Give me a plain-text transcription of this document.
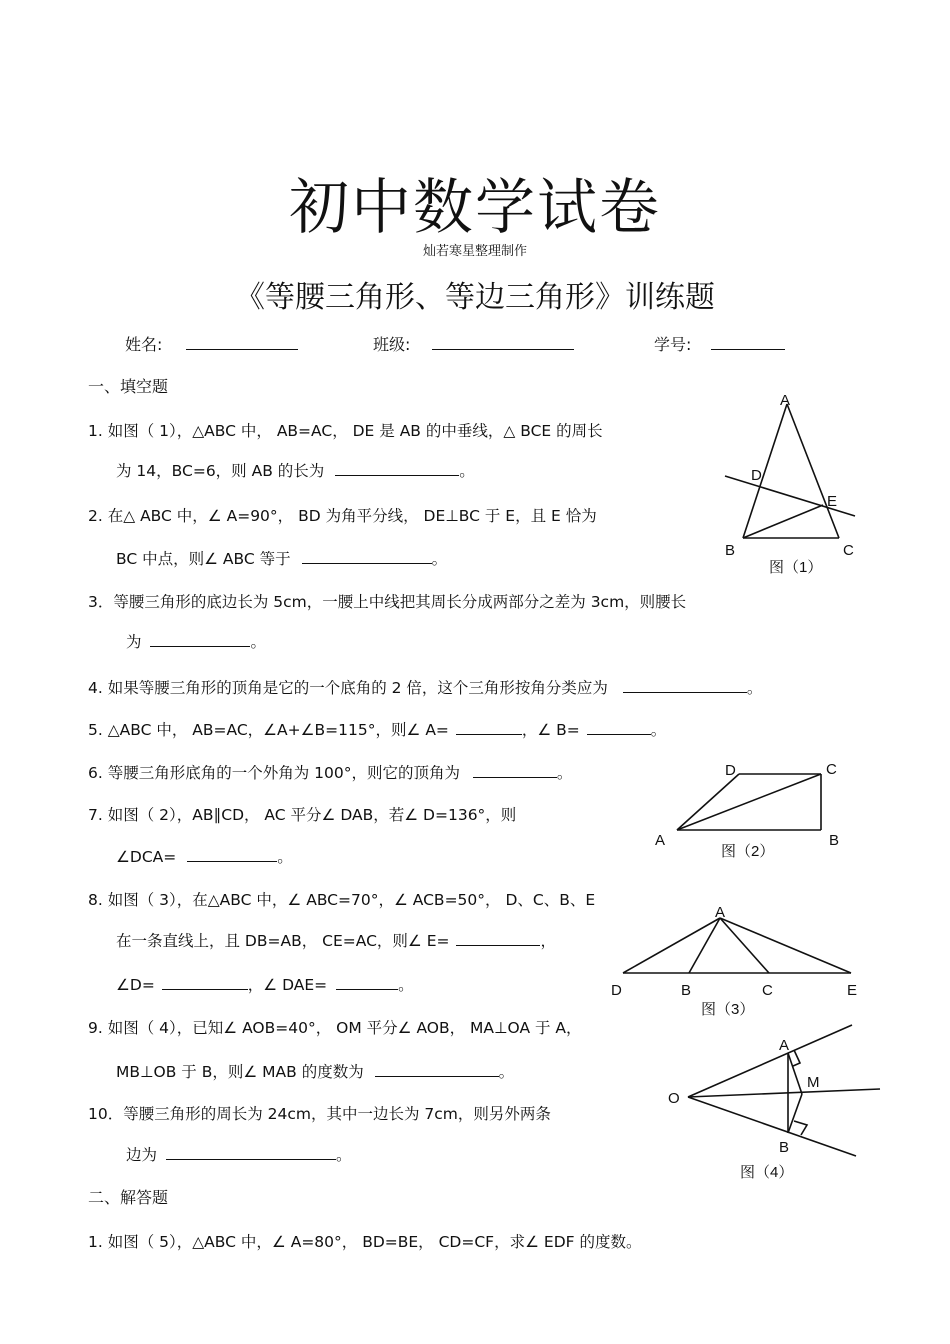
初中数学试卷
灿若寒星整理制作
《等腰三角形、等边三角形》训练题
姓名:	班级:	学号:
一、填空题
1. 如图（ 1），△ABC 中， AB=AC， DE 是 AB 的中垂线，△ BCE 的周长
为 14，BC=6，则 AB 的长为	。
2. 在△ ABC 中，∠ A=90°， BD 为角平分线， DE⊥BC 于 E，且 E 恰为
BC 中点，则∠ ABC 等于	。
3．等腰三角形的底边长为 5cm，一腰上中线把其周长分成两部分之差为 3cm，则腰长
为	。
4. 如果等腰三角形的顶角是它的一个底角的 2 倍，这个三角形按角分类应为	。
5. △ABC 中， AB=AC，∠A+∠B=115°，则∠ A=	，∠ B=	。
6. 等腰三角形底角的一个外角为 100°，则它的顶角为	。
7. 如图（ 2），AB∥CD， AC 平分∠ DAB，若∠ D=136°，则
∠DCA=	。
8. 如图（ 3），在△ABC 中，∠ ABC=70°，∠ ACB=50°， D、C、B、E
在一条直线上，且 DB=AB， CE=AC，则∠ E=	，
∠D=	，∠ DAE=	。
9. 如图（ 4），已知∠ AOB=40°， OM 平分∠ AOB， MA⊥OA 于 A，
MB⊥OB 于 B，则∠ MAB 的度数为	。
10．等腰三角形的周长为 24cm，其中一边长为 7cm，则另外两条
边为	。
二、解答题
1. 如图（ 5），△ABC 中，∠ A=80°， BD=BE， CD=CF，求∠ EDF 的度数。
A
B	C
D
E
图（1）
A	B
C
D
图（2）
A
B	C
D	E
图（3）
A
B
M
O
图（4）
